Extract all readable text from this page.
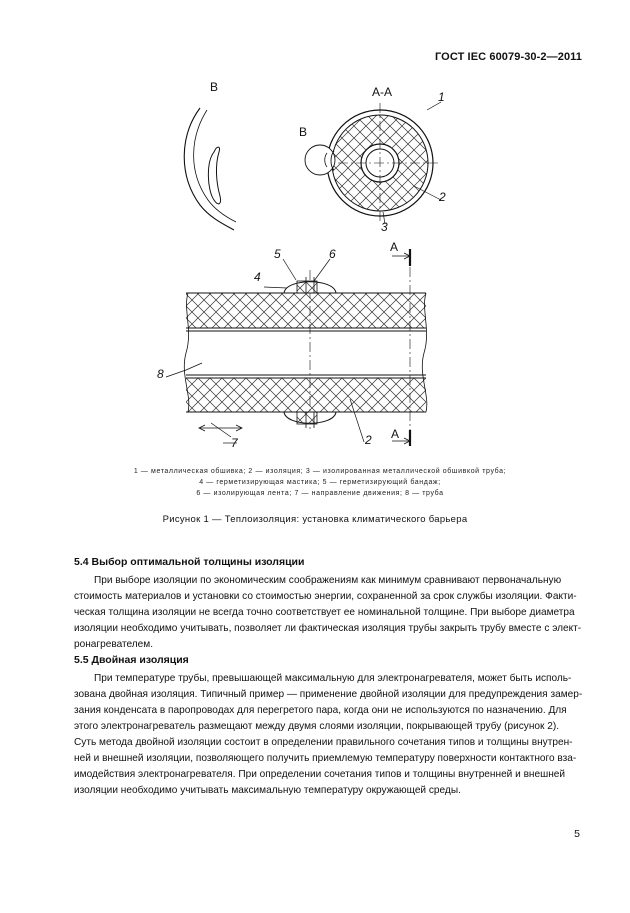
ГОСТ IEC 60079-30-2—2011
B	А-А
B
1
2
3
5	6
4
8
7	2
A
A
1 — металлическая обшивка; 2 — изоляция; 3 — изолированная металлической обшивкой труба;
4 — герметизирующая мастика; 5 — герметизирующий бандаж;
6 — изолирующая лента; 7 — направление движения; 8 — труба
Рисунок 1 — Теплоизоляция: установка климатического барьера
5.4 Выбор оптимальной толщины изоляции
При выборе изоляции по экономическим соображениям как минимум сравнивают первоначальную
стоимость материалов и установки со стоимостью энергии, сохраненной за срок службы изоляции. Факти-
ческая толщина изоляции не всегда точно соответствует ее номинальной толщине. При выборе диаметра
изоляции необходимо учитывать, позволяет ли фактическая изоляция трубы закрыть трубу вместе с элект-
ронагревателем.
5.5 Двойная изоляция
При температуре трубы, превышающей максимальную для электронагревателя, может быть исполь-
зована двойная изоляция. Типичный пример — применение двойной изоляции для предупреждения замер-
зания конденсата в паропроводах для перегретого пара, когда они не используются по назначению. Для
этого электронагреватель размещают между двумя слоями изоляции, покрывающей трубу (рисунок 2).
Суть метода двойной изоляции состоит в определении правильного сочетания типов и толщины внутрен-
ней и внешней изоляции, позволяющего получить приемлемую температуру поверхности контактного вза-
имодействия электронагревателя. При определении сочетания типов и толщины внутренней и внешней
изоляции необходимо учитывать максимальную температуру окружающей среды.
5
